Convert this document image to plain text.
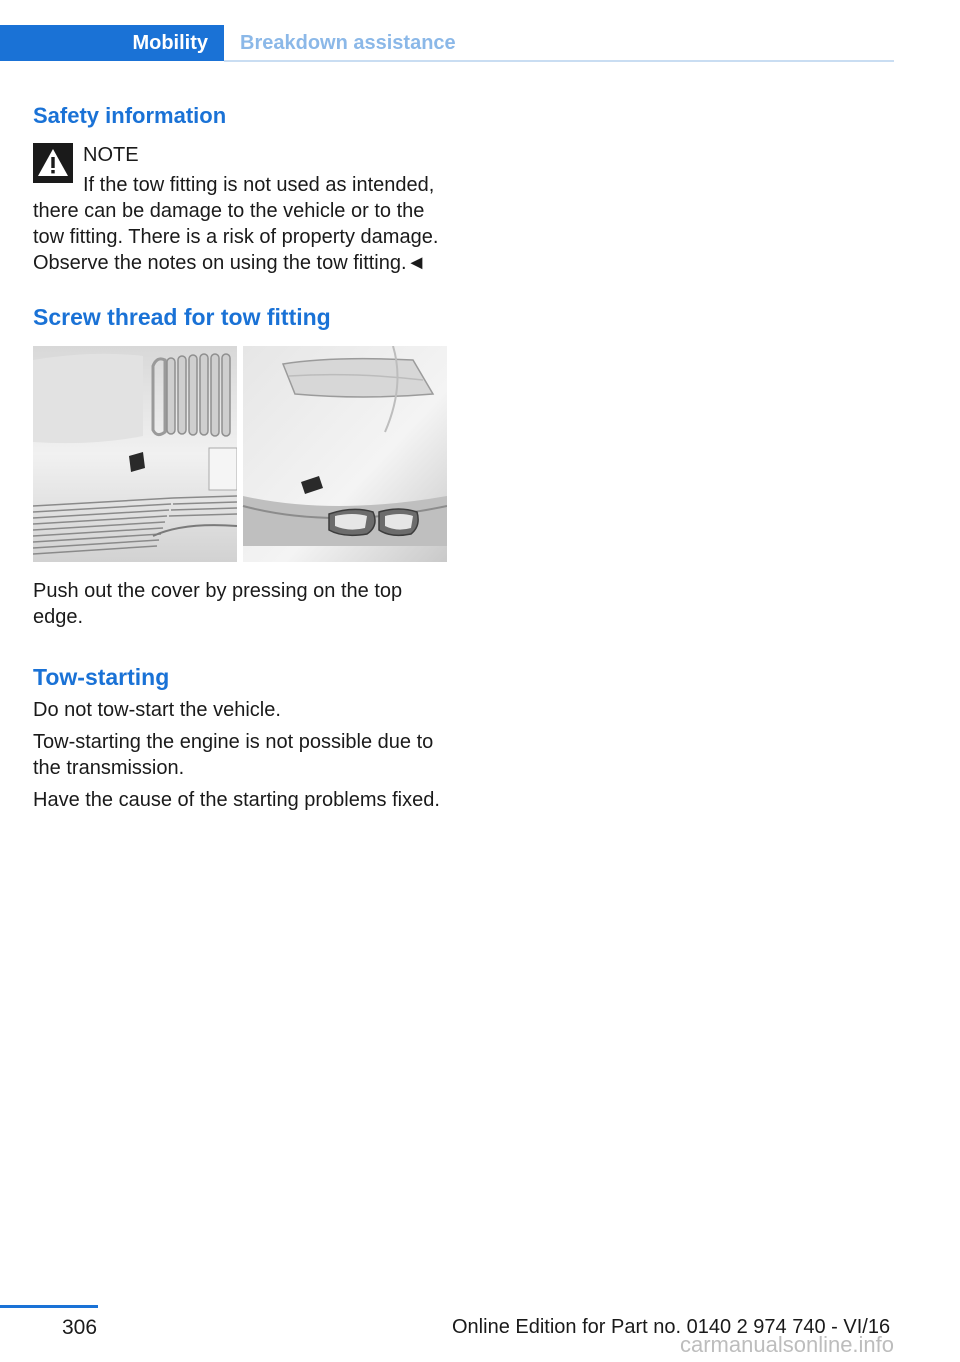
Mobility Breakdown assistance
Safety information

NOTE

If the tow fitting is not used as intended,

there can be damage to the vehicle or to the tow fitting. There is a risk of property damage. Observe the notes on using the tow fitting.◄

Screw thread for tow fitting

Push out the cover by pressing on the top edge.

Tow-starting

Do not tow-start the vehicle.

Tow-starting the engine is not possible due to the transmission.

Have the cause of the starting problems fixed.

306	Online Edition for Part no. 0140 2 974 740 - VI/16
carmanualsonline.info
